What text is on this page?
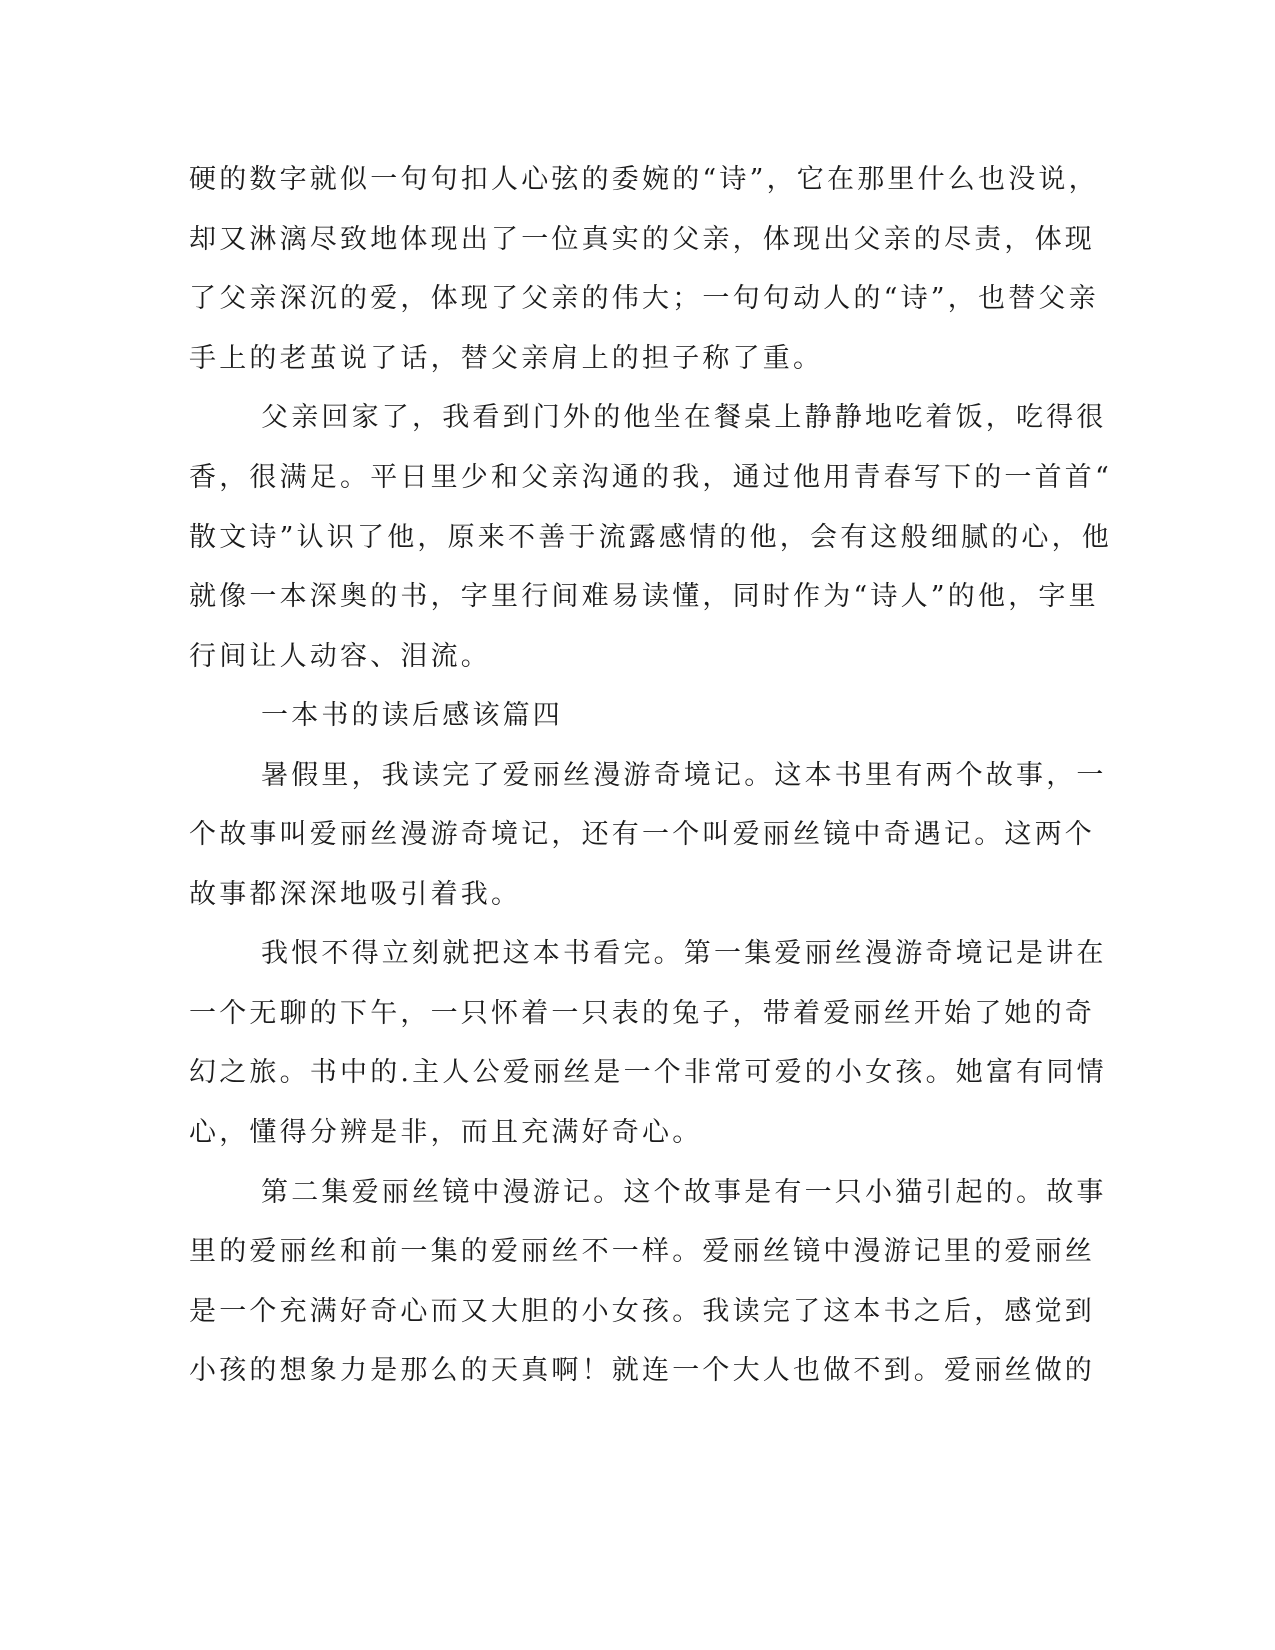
硬的数字就似一句句扣人心弦的委婉的“诗”，它在那里什么也没说，
却又淋漓尽致地体现出了一位真实的父亲，体现出父亲的尽责，体现
了父亲深沉的爱，体现了父亲的伟大；一句句动人的“诗”，也替父亲
手上的老茧说了话，替父亲肩上的担子称了重。
父亲回家了，我看到门外的他坐在餐桌上静静地吃着饭，吃得很
香，很满足。平日里少和父亲沟通的我，通过他用青春写下的一首首“
散文诗”认识了他，原来不善于流露感情的他，会有这般细腻的心，他
就像一本深奥的书，字里行间难易读懂，同时作为“诗人”的他，字里
行间让人动容、泪流。
一本书的读后感该篇四
暑假里，我读完了爱丽丝漫游奇境记。这本书里有两个故事，一
个故事叫爱丽丝漫游奇境记，还有一个叫爱丽丝镜中奇遇记。这两个
故事都深深地吸引着我。
我恨不得立刻就把这本书看完。第一集爱丽丝漫游奇境记是讲在
一个无聊的下午，一只怀着一只表的兔子，带着爱丽丝开始了她的奇
幻之旅。书中的.主人公爱丽丝是一个非常可爱的小女孩。她富有同情
心，懂得分辨是非，而且充满好奇心。
第二集爱丽丝镜中漫游记。这个故事是有一只小猫引起的。故事
里的爱丽丝和前一集的爱丽丝不一样。爱丽丝镜中漫游记里的爱丽丝
是一个充满好奇心而又大胆的小女孩。我读完了这本书之后，感觉到
小孩的想象力是那么的天真啊！就连一个大人也做不到。爱丽丝做的
